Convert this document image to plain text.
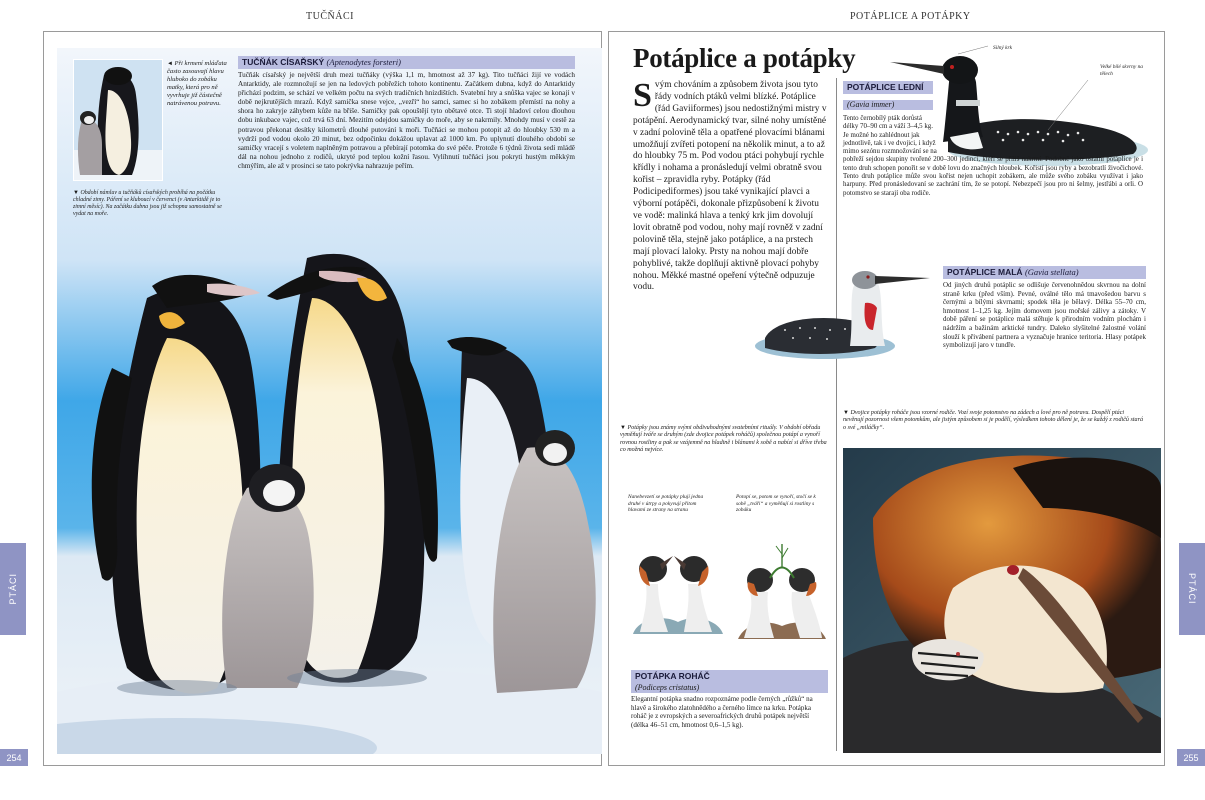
TUČŇÁCI	POTÁPLICE A POTÁPKY
PTÁCI	PTÁCI
254	255
◄ Při krmení mláďata často zasouvají hlavu hluboko do zobáku matky, která pro ně vyvrhuje již částečně natrávenou potravu.
▼ Období námluv u tučňáků císařských probíhá na počátku chladné zimy. Páření se kluboucí v červenci (v Antarktidě je to zimní měsíc). Na začátku dubna jsou již schopna samostatně se vydat na moře.
TUČŇÁK CÍSAŘSKÝ (Aptenodytes forsteri)
Tučňák císařský je největší druh mezi tučňáky (výška 1,1 m, hmotnost až 37 kg). Tito tučňáci žijí ve vodách Antarktidy, ale rozmnožují se jen na ledových pobřežích tohoto kontinentu. Začátkem dubna, když do Antarktidy přichází podzim, se schází ve velkém počtu na svých tradičních hnízdištích. Svatební hry a snůška vajec se konají v době nejkrutějších mrazů. Když samička snese vejce, „vezří“ ho samci, samec si ho zobákem přemístí na nohy a shora ho zakryje záhybem kůže na břiše. Samičky pak opouštějí tyto obětavé otce. Ti stojí hladoví celou dlouhou dobu inkubace vajec, což trvá 63 dní. Mezitím odejdou samičky do moře, aby se nakrmily. Mnohdy musí v cestě za potravou překonat desítky kilometrů dlouhé putování k moři. Tučňáci se mohou potopit až do hloubky 530 m a vydrží pod vodou okolo 20 minut, bez odpočinku dokážou uplavat až 1000 km. Po uplynutí dlouhého období se samičky vracejí s voletem naplněným potravou a přebírají potomka do své péče. Protože 6 týdnů života sedí mládě dál na nohou jednoho z rodičů, ukryté pod teplou kožní řasou. Vylíhnutí tučňáci jsou pokryti hustým měkkým chmýřím, ale až v prosinci se tato pokrývka nahrazuje peřím.
Potáplice a potápky
S vým chováním a způsobem života jsou tyto řády vodních ptáků velmi blízké. Potáplice (řád Gaviiformes) jsou nedostižnými mistry v potápění. Aerodynamický tvar, silné nohy umístěné v zadní polovině těla a opatřené plovacími blánami umožňují zvířeti potopení na několik minut, a to až do hloubky 75 m. Pod vodou ptáci pohybují rychle křídly i nohama a pronásledují velmi obratně svou kořist – zpravidla ryby. Potápky (řád Podicipediformes) jsou také vynikající plavci a výborní potápěči, dokonale přizpůsobení k životu ve vodě: malinká hlava a tenký krk jim dovolují lovit obratně pod vodou, nohy mají rovněž v zadní polovině těla, stejně jako potáplice, a na prstech mají plovací laloky. Prsty na nohou mají dobře pohyblivé, takže doplňují aktivně plovací pohyby nohou. Měkké mastné opeření výtečně odpuzuje vodu.
Silný krk
Velké bílé skvrny na tělech
POTÁPLICE LEDNÍ
(Gavia immer)
Tento černobílý pták dorůstá délky 70–90 cm a váží 3–4,5 kg. Je možné ho zahlédnout jak jednotlivě, tak i ve dvojici, i když mimo sezónu rozmnožování se na
pobřeží sejdou skupiny tvořené 200–300 jedinci, kteří se příliš nakrmí. Podobně jako ostatní potáplice je i tento druh schopen ponořit se v době lovu do značných hloubek. Kořistí jsou ryby a bezobratlí živočichové. Tento druh potáplice může svou kořist nejen uchopit zobákem, ale může svého zobáku využívat i jako harpuny. Před pronásledovaní se zachrání tím, že se potopí. Nebezpečí jsou pro ni šelmy, jestřábi a orli. O potomstvo se starají oba rodiče.
POTÁPLICE MALÁ (Gavia stellata)
Od jiných druhů potáplic se odlišuje červenohnědou skvrnou na dolní straně krku (před vším). Pevné, oválné tělo má tmavošedou barvu s černými a bílými skvrnami; spodek těla je bělavý. Délka 55–70 cm, hmotnost 1–1,25 kg. Jejím domovem jsou mořské zálivy a zátoky. V době páření se potáplice malá stěhuje k přirodním vodním plochám i nádržím a bažinám arktické tundry. Daleko slyšitelné žalostné volání slouží k přivábení partnera a vyznačuje hranice teritoria. Hlasy potápek symbolizují jaro v tundře.
▼ Potápky jsou známy svými obdivuhodnými svatebními rituály. V období obřadu vyměňují tváře se druhým (zde dvojice potápek roháčů) společnou potápí a vynoří rovnou rostliny a pak se vzájemně na hladině i blánami k sobě a nabízí si dříve třeba co možná nejvíce.
Nanebevzetí se potápky plují jedna druhé v útrpy a pokyvují přitom hlavami ze strany na stranu
Potopí se, potom se vynoří, stočí se k sobě „tváři“ a vyměňují si rostliny s zobáku
POTÁPKA ROHÁČ
(Podiceps cristatus)
Elegantní potápka snadno rozpoznáme podle černých „růžků“ na hlavě a širokého zlatohnědého a černého límce na krku. Potápka roháč je z evropských a severoafrických druhů potápek největší (délka 46–51 cm, hmotnost 0,6–1,5 kg).
▼ Dvojice potápky roháče jsou vzorné rodiče. Vozí svoje potomstvo na zádech a lové pro ně potravu. Dospělí ptáci nevěnují pozornost všem potomkům, ale jistým způsobem si je podělí, výsledkem tohoto dělení je, že se každý z rodičů stará o své „miláčky“.
